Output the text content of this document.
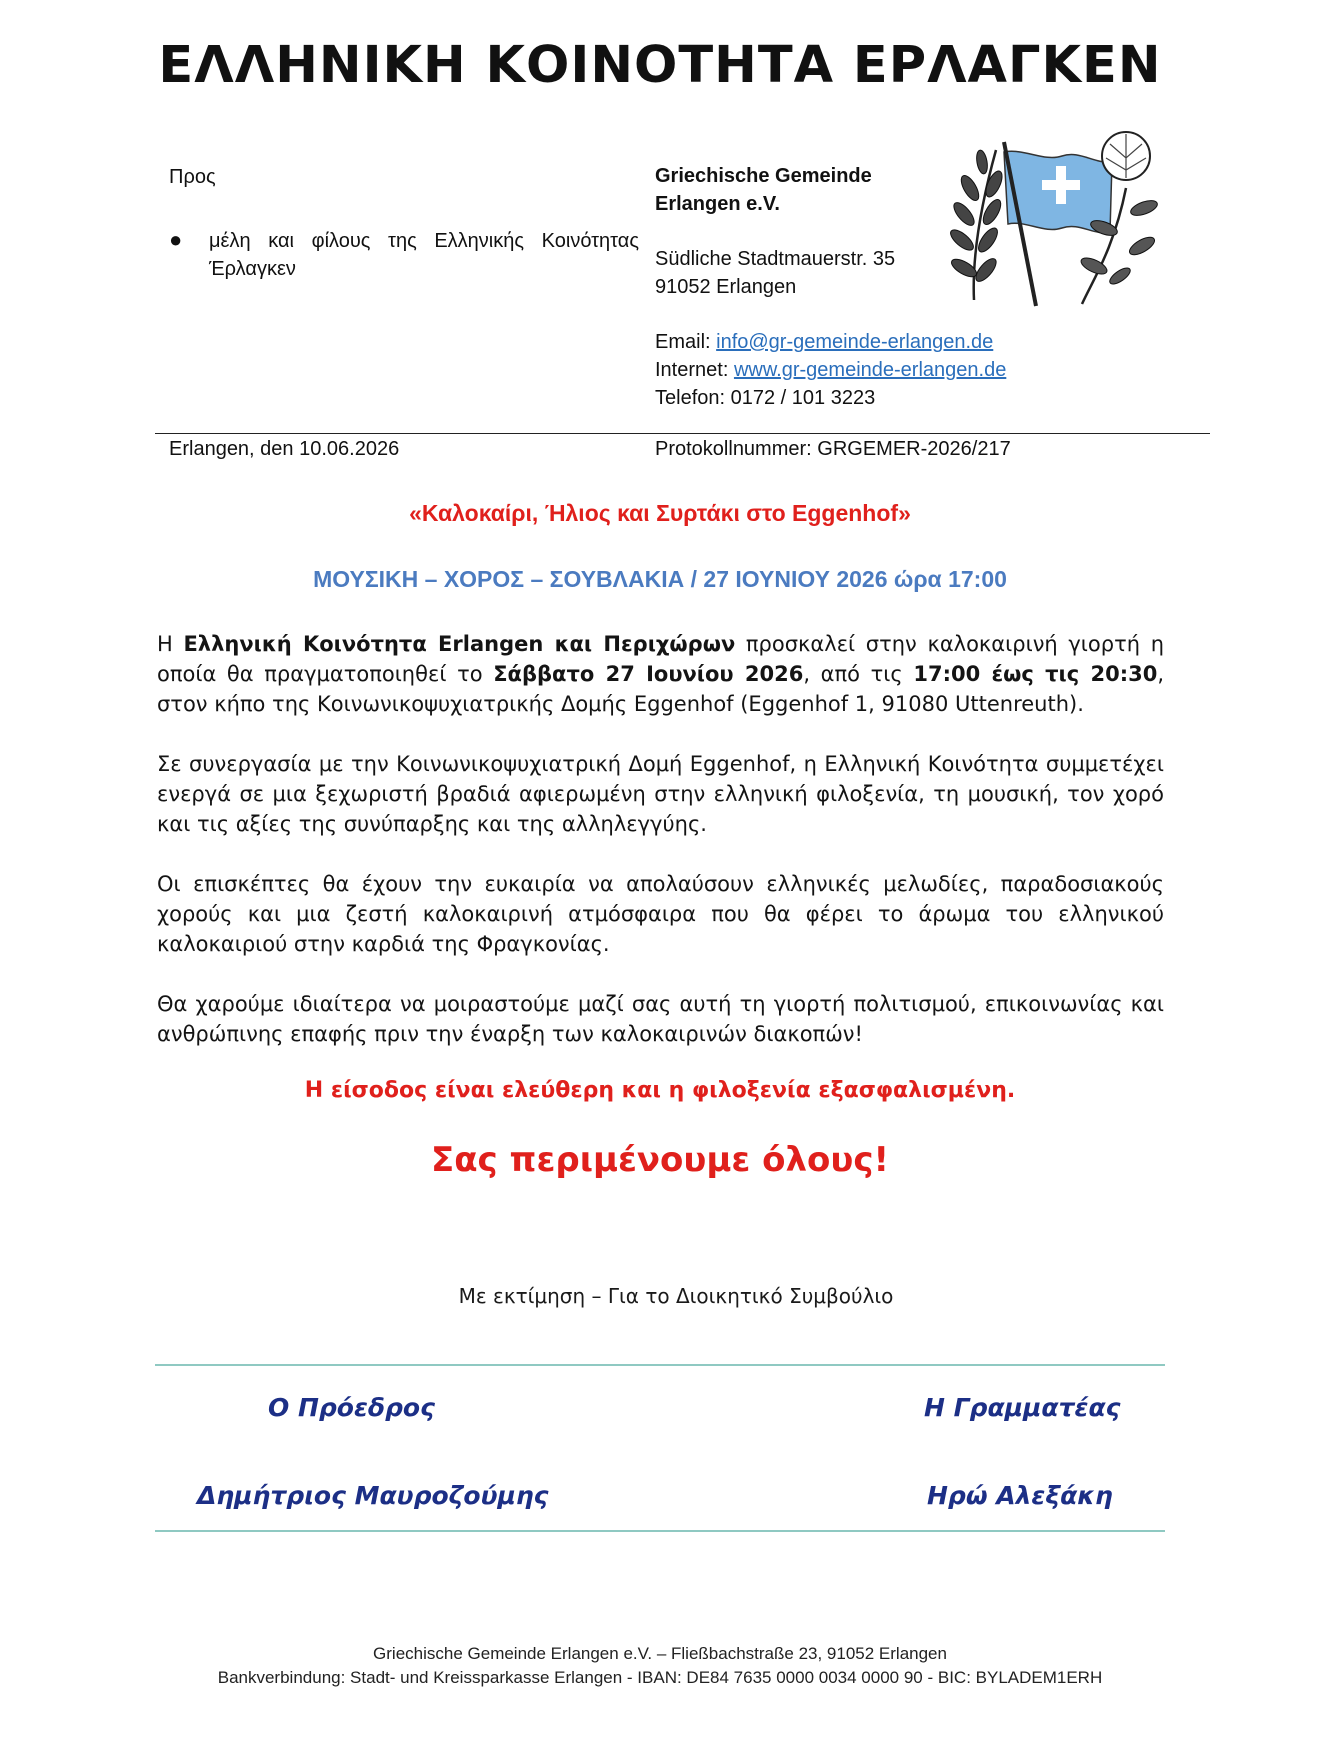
ΕΛΛΗΝΙΚΗ ΚΟΙΝΟΤΗΤΑ ΕΡΛΑΓΚΕΝ
Προς
● μέλη και φίλους της Ελληνικής Κοινότητας Έρλαγκεν
Griechische Gemeinde
Erlangen e.V.
Südliche Stadtmauerstr. 35
91052 Erlangen
Email: info@gr-gemeinde-erlangen.de
Internet: www.gr-gemeinde-erlangen.de
Telefon: 0172 / 101 3223
Erlangen, den 10.06.2026	Protokollnummer: GRGEMER-2026/217
«Καλοκαίρι, Ήλιος και Συρτάκι στο Eggenhof»
ΜΟΥΣΙΚΗ – ΧΟΡΟΣ – ΣΟΥΒΛΑΚΙΑ / 27 ΙΟΥΝΙΟΥ 2026 ώρα 17:00
Η Ελληνική Κοινότητα Erlangen και Περιχώρων προσκαλεί στην καλοκαιρινή γιορτή η οποία θα πραγματοποιηθεί το Σάββατο 27 Ιουνίου 2026, από τις 17:00 έως τις 20:30, στον κήπο της Κοινωνικοψυχιατρικής Δομής Eggenhof (Eggenhof 1, 91080 Uttenreuth).
Σε συνεργασία με την Κοινωνικοψυχιατρική Δομή Eggenhof, η Ελληνική Κοινότητα συμμετέχει ενεργά σε μια ξεχωριστή βραδιά αφιερωμένη στην ελληνική φιλοξενία, τη μουσική, τον χορό και τις αξίες της συνύπαρξης και της αλληλεγγύης.
Οι επισκέπτες θα έχουν την ευκαιρία να απολαύσουν ελληνικές μελωδίες, παραδοσιακούς χορούς και μια ζεστή καλοκαιρινή ατμόσφαιρα που θα φέρει το άρωμα του ελληνικού καλοκαιριού στην καρδιά της Φραγκονίας.
Θα χαρούμε ιδιαίτερα να μοιραστούμε μαζί σας αυτή τη γιορτή πολιτισμού, επικοινωνίας και ανθρώπινης επαφής πριν την έναρξη των καλοκαιρινών διακοπών!
Η είσοδος είναι ελεύθερη και η φιλοξενία εξασφαλισμένη.
Σας περιμένουμε όλους!
Με εκτίμηση – Για το Διοικητικό Συμβούλιο
Ο Πρόεδρος	Η Γραμματέας
Δημήτριος Μαυροζούμης	Ηρώ Αλεξάκη
Griechische Gemeinde Erlangen e.V. – Fließbachstraße 23, 91052 Erlangen
Bankverbindung: Stadt- und Kreissparkasse Erlangen - IBAN: DE84 7635 0000 0034 0000 90 - BIC: BYLADEM1ERH
